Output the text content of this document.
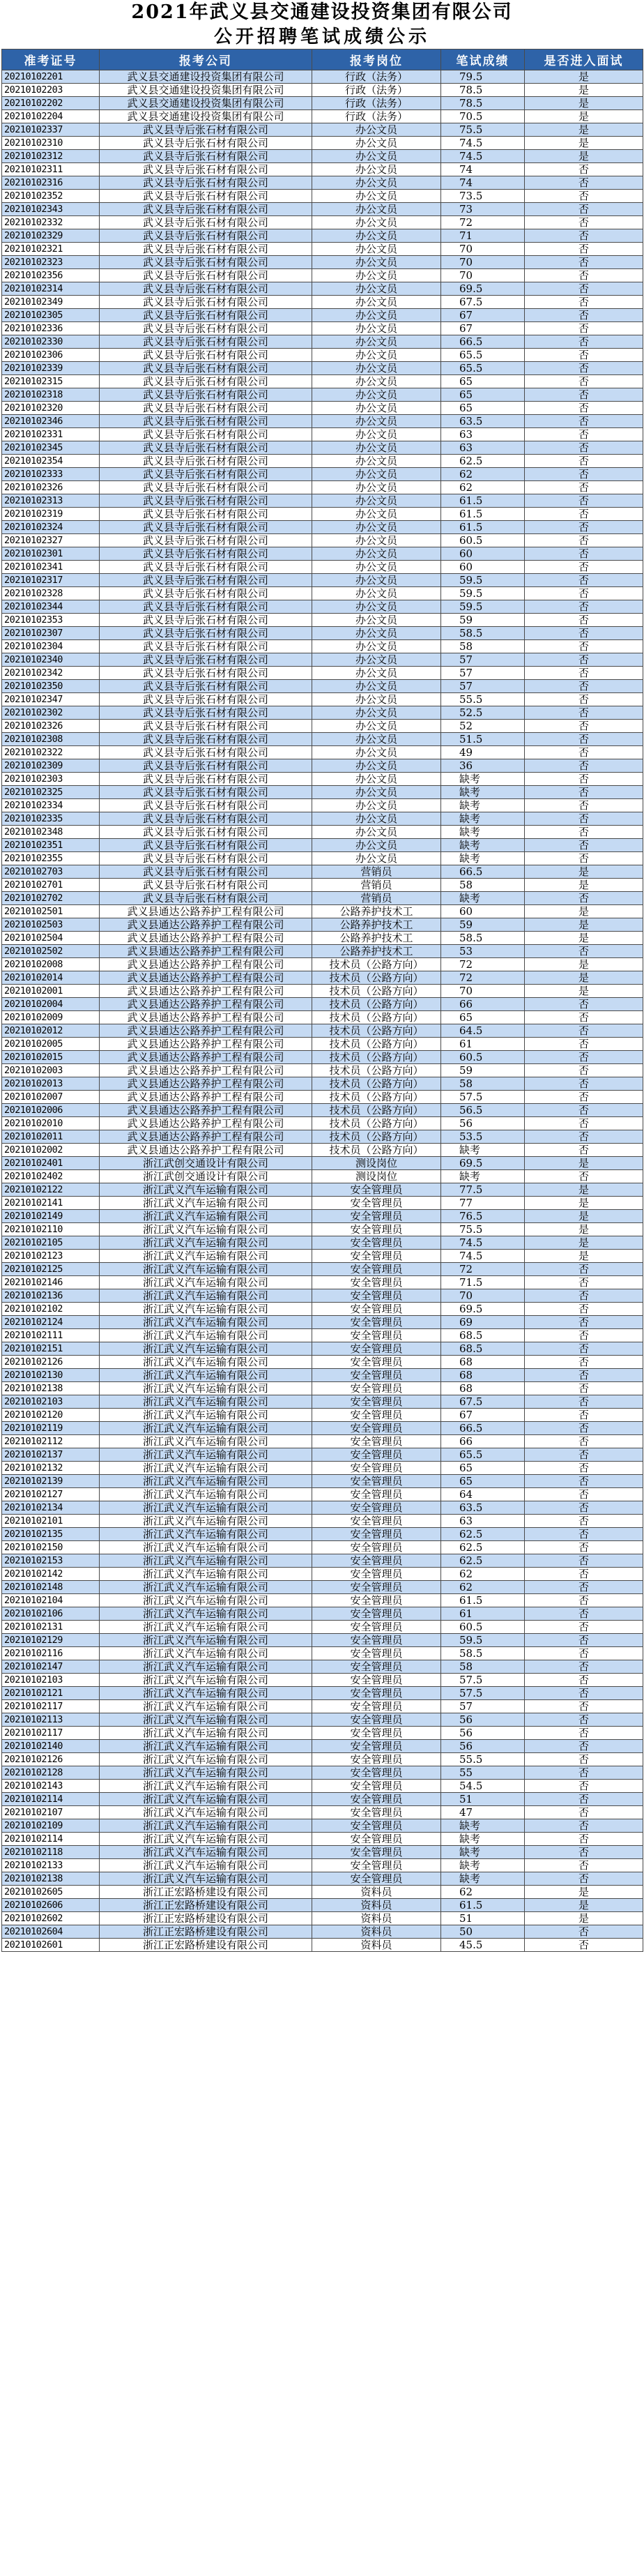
2021年武义县交通建设投资集团有限公司
公开招聘笔试成绩公示
准考证号	报考公司	报考岗位	笔试成绩	是否进入面试
20210102201	武义县交通建设投资集团有限公司	行政（法务）	79.5	是
20210102203	武义县交通建设投资集团有限公司	行政（法务）	78.5	是
20210102202	武义县交通建设投资集团有限公司	行政（法务）	78.5	是
20210102204	武义县交通建设投资集团有限公司	行政（法务）	70.5	是
20210102337	武义县寺后张石材有限公司	办公文员	75.5	是
20210102310	武义县寺后张石材有限公司	办公文员	74.5	是
20210102312	武义县寺后张石材有限公司	办公文员	74.5	是
20210102311	武义县寺后张石材有限公司	办公文员	74	否
20210102316	武义县寺后张石材有限公司	办公文员	74	否
20210102352	武义县寺后张石材有限公司	办公文员	73.5	否
20210102343	武义县寺后张石材有限公司	办公文员	73	否
20210102332	武义县寺后张石材有限公司	办公文员	72	否
20210102329	武义县寺后张石材有限公司	办公文员	71	否
20210102321	武义县寺后张石材有限公司	办公文员	70	否
20210102323	武义县寺后张石材有限公司	办公文员	70	否
20210102356	武义县寺后张石材有限公司	办公文员	70	否
20210102314	武义县寺后张石材有限公司	办公文员	69.5	否
20210102349	武义县寺后张石材有限公司	办公文员	67.5	否
20210102305	武义县寺后张石材有限公司	办公文员	67	否
20210102336	武义县寺后张石材有限公司	办公文员	67	否
20210102330	武义县寺后张石材有限公司	办公文员	66.5	否
20210102306	武义县寺后张石材有限公司	办公文员	65.5	否
20210102339	武义县寺后张石材有限公司	办公文员	65.5	否
20210102315	武义县寺后张石材有限公司	办公文员	65	否
20210102318	武义县寺后张石材有限公司	办公文员	65	否
20210102320	武义县寺后张石材有限公司	办公文员	65	否
20210102346	武义县寺后张石材有限公司	办公文员	63.5	否
20210102331	武义县寺后张石材有限公司	办公文员	63	否
20210102345	武义县寺后张石材有限公司	办公文员	63	否
20210102354	武义县寺后张石材有限公司	办公文员	62.5	否
20210102333	武义县寺后张石材有限公司	办公文员	62	否
20210102326	武义县寺后张石材有限公司	办公文员	62	否
20210102313	武义县寺后张石材有限公司	办公文员	61.5	否
20210102319	武义县寺后张石材有限公司	办公文员	61.5	否
20210102324	武义县寺后张石材有限公司	办公文员	61.5	否
20210102327	武义县寺后张石材有限公司	办公文员	60.5	否
20210102301	武义县寺后张石材有限公司	办公文员	60	否
20210102341	武义县寺后张石材有限公司	办公文员	60	否
20210102317	武义县寺后张石材有限公司	办公文员	59.5	否
20210102328	武义县寺后张石材有限公司	办公文员	59.5	否
20210102344	武义县寺后张石材有限公司	办公文员	59.5	否
20210102353	武义县寺后张石材有限公司	办公文员	59	否
20210102307	武义县寺后张石材有限公司	办公文员	58.5	否
20210102304	武义县寺后张石材有限公司	办公文员	58	否
20210102340	武义县寺后张石材有限公司	办公文员	57	否
20210102342	武义县寺后张石材有限公司	办公文员	57	否
20210102350	武义县寺后张石材有限公司	办公文员	57	否
20210102347	武义县寺后张石材有限公司	办公文员	55.5	否
20210102302	武义县寺后张石材有限公司	办公文员	52.5	否
20210102326	武义县寺后张石材有限公司	办公文员	52	否
20210102308	武义县寺后张石材有限公司	办公文员	51.5	否
20210102322	武义县寺后张石材有限公司	办公文员	49	否
20210102309	武义县寺后张石材有限公司	办公文员	36	否
20210102303	武义县寺后张石材有限公司	办公文员	缺考	否
20210102325	武义县寺后张石材有限公司	办公文员	缺考	否
20210102334	武义县寺后张石材有限公司	办公文员	缺考	否
20210102335	武义县寺后张石材有限公司	办公文员	缺考	否
20210102348	武义县寺后张石材有限公司	办公文员	缺考	否
20210102351	武义县寺后张石材有限公司	办公文员	缺考	否
20210102355	武义县寺后张石材有限公司	办公文员	缺考	否
20210102703	武义县寺后张石材有限公司	营销员	66.5	是
20210102701	武义县寺后张石材有限公司	营销员	58	是
20210102702	武义县寺后张石材有限公司	营销员	缺考	否
20210102501	武义县通达公路养护工程有限公司	公路养护技术工	60	是
20210102503	武义县通达公路养护工程有限公司	公路养护技术工	59	是
20210102504	武义县通达公路养护工程有限公司	公路养护技术工	58.5	是
20210102502	武义县通达公路养护工程有限公司	公路养护技术工	53	否
20210102008	武义县通达公路养护工程有限公司	技术员（公路方向）	72	是
20210102014	武义县通达公路养护工程有限公司	技术员（公路方向）	72	是
20210102001	武义县通达公路养护工程有限公司	技术员（公路方向）	70	是
20210102004	武义县通达公路养护工程有限公司	技术员（公路方向）	66	否
20210102009	武义县通达公路养护工程有限公司	技术员（公路方向）	65	否
20210102012	武义县通达公路养护工程有限公司	技术员（公路方向）	64.5	否
20210102005	武义县通达公路养护工程有限公司	技术员（公路方向）	61	否
20210102015	武义县通达公路养护工程有限公司	技术员（公路方向）	60.5	否
20210102003	武义县通达公路养护工程有限公司	技术员（公路方向）	59	否
20210102013	武义县通达公路养护工程有限公司	技术员（公路方向）	58	否
20210102007	武义县通达公路养护工程有限公司	技术员（公路方向）	57.5	否
20210102006	武义县通达公路养护工程有限公司	技术员（公路方向）	56.5	否
20210102010	武义县通达公路养护工程有限公司	技术员（公路方向）	56	否
20210102011	武义县通达公路养护工程有限公司	技术员（公路方向）	53.5	否
20210102002	武义县通达公路养护工程有限公司	技术员（公路方向）	缺考	否
20210102401	浙江武创交通设计有限公司	测设岗位	69.5	是
20210102402	浙江武创交通设计有限公司	测设岗位	缺考	否
20210102122	浙江武义汽车运输有限公司	安全管理员	77.5	是
20210102141	浙江武义汽车运输有限公司	安全管理员	77	是
20210102149	浙江武义汽车运输有限公司	安全管理员	76.5	是
20210102110	浙江武义汽车运输有限公司	安全管理员	75.5	是
20210102105	浙江武义汽车运输有限公司	安全管理员	74.5	是
20210102123	浙江武义汽车运输有限公司	安全管理员	74.5	是
20210102125	浙江武义汽车运输有限公司	安全管理员	72	否
20210102146	浙江武义汽车运输有限公司	安全管理员	71.5	否
20210102136	浙江武义汽车运输有限公司	安全管理员	70	否
20210102102	浙江武义汽车运输有限公司	安全管理员	69.5	否
20210102124	浙江武义汽车运输有限公司	安全管理员	69	否
20210102111	浙江武义汽车运输有限公司	安全管理员	68.5	否
20210102151	浙江武义汽车运输有限公司	安全管理员	68.5	否
20210102126	浙江武义汽车运输有限公司	安全管理员	68	否
20210102130	浙江武义汽车运输有限公司	安全管理员	68	否
20210102138	浙江武义汽车运输有限公司	安全管理员	68	否
20210102103	浙江武义汽车运输有限公司	安全管理员	67.5	否
20210102120	浙江武义汽车运输有限公司	安全管理员	67	否
20210102119	浙江武义汽车运输有限公司	安全管理员	66.5	否
20210102112	浙江武义汽车运输有限公司	安全管理员	66	否
20210102137	浙江武义汽车运输有限公司	安全管理员	65.5	否
20210102132	浙江武义汽车运输有限公司	安全管理员	65	否
20210102139	浙江武义汽车运输有限公司	安全管理员	65	否
20210102127	浙江武义汽车运输有限公司	安全管理员	64	否
20210102134	浙江武义汽车运输有限公司	安全管理员	63.5	否
20210102101	浙江武义汽车运输有限公司	安全管理员	63	否
20210102135	浙江武义汽车运输有限公司	安全管理员	62.5	否
20210102150	浙江武义汽车运输有限公司	安全管理员	62.5	否
20210102153	浙江武义汽车运输有限公司	安全管理员	62.5	否
20210102142	浙江武义汽车运输有限公司	安全管理员	62	否
20210102148	浙江武义汽车运输有限公司	安全管理员	62	否
20210102104	浙江武义汽车运输有限公司	安全管理员	61.5	否
20210102106	浙江武义汽车运输有限公司	安全管理员	61	否
20210102131	浙江武义汽车运输有限公司	安全管理员	60.5	否
20210102129	浙江武义汽车运输有限公司	安全管理员	59.5	否
20210102116	浙江武义汽车运输有限公司	安全管理员	58.5	否
20210102147	浙江武义汽车运输有限公司	安全管理员	58	否
20210102103	浙江武义汽车运输有限公司	安全管理员	57.5	否
20210102121	浙江武义汽车运输有限公司	安全管理员	57.5	否
20210102117	浙江武义汽车运输有限公司	安全管理员	57	否
20210102113	浙江武义汽车运输有限公司	安全管理员	56	否
20210102117	浙江武义汽车运输有限公司	安全管理员	56	否
20210102140	浙江武义汽车运输有限公司	安全管理员	56	否
20210102126	浙江武义汽车运输有限公司	安全管理员	55.5	否
20210102128	浙江武义汽车运输有限公司	安全管理员	55	否
20210102143	浙江武义汽车运输有限公司	安全管理员	54.5	否
20210102114	浙江武义汽车运输有限公司	安全管理员	51	否
20210102107	浙江武义汽车运输有限公司	安全管理员	47	否
20210102109	浙江武义汽车运输有限公司	安全管理员	缺考	否
20210102114	浙江武义汽车运输有限公司	安全管理员	缺考	否
20210102118	浙江武义汽车运输有限公司	安全管理员	缺考	否
20210102133	浙江武义汽车运输有限公司	安全管理员	缺考	否
20210102138	浙江武义汽车运输有限公司	安全管理员	缺考	否
20210102605	浙江正宏路桥建设有限公司	资料员	62	是
20210102606	浙江正宏路桥建设有限公司	资料员	61.5	是
20210102602	浙江正宏路桥建设有限公司	资料员	51	是
20210102604	浙江正宏路桥建设有限公司	资料员	50	否
20210102601	浙江正宏路桥建设有限公司	资料员	45.5	否
